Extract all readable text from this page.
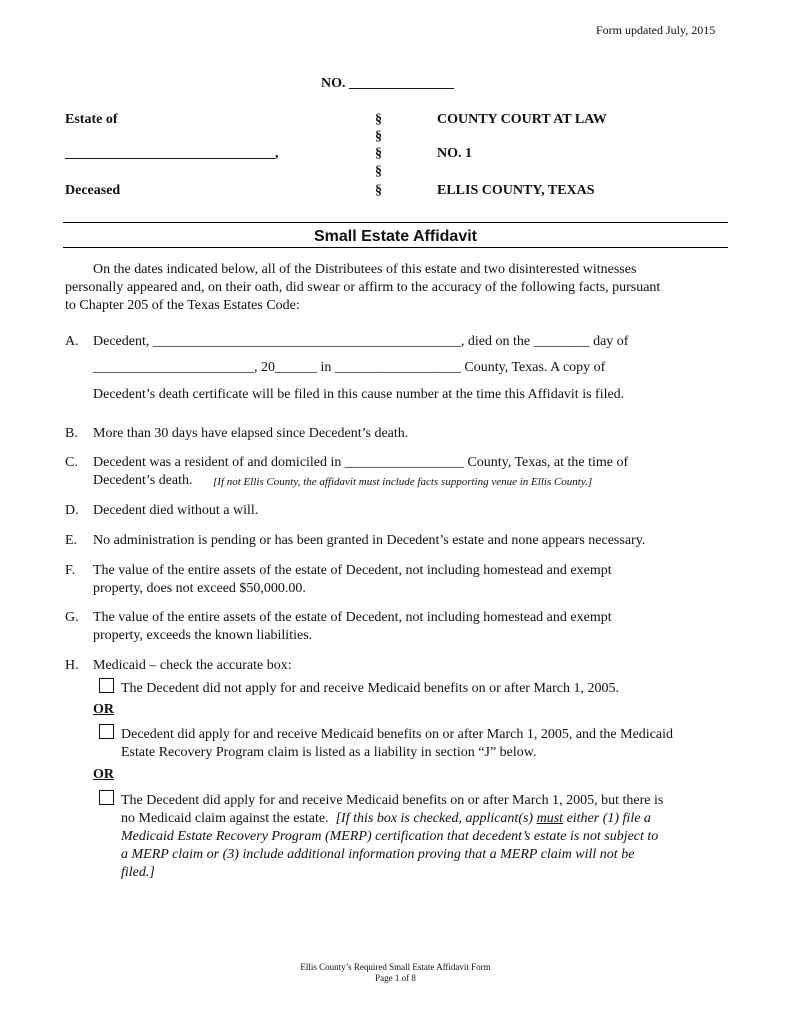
Form updated July, 2015
NO. _______________
Estate of
______________________________,
Deceased
§
§
§
§
§
COUNTY COURT AT LAW
NO. 1
ELLIS COUNTY, TEXAS
Small Estate Affidavit
On the dates indicated below, all of the Distributees of this estate and two disinterested witnesses
personally appeared and, on their oath, did swear or affirm to the accuracy of the following facts, pursuant
to Chapter 205 of the Texas Estates Code:
A. Decedent, ____________________________________________, died on the ________ day of
_______________________, 20______ in __________________ County, Texas. A copy of
Decedent’s death certificate will be filed in this cause number at the time this Affidavit is filed.
B. More than 30 days have elapsed since Decedent’s death.
C. Decedent was a resident of and domiciled in _________________ County, Texas, at the time of
Decedent’s death. [If not Ellis County, the affidavit must include facts supporting venue in Ellis County.]
D. Decedent died without a will.
E. No administration is pending or has been granted in Decedent’s estate and none appears necessary.
F. The value of the entire assets of the estate of Decedent, not including homestead and exempt
property, does not exceed $50,000.00.
G. The value of the entire assets of the estate of Decedent, not including homestead and exempt
property, exceeds the known liabilities.
H. Medicaid – check the accurate box:
The Decedent did not apply for and receive Medicaid benefits on or after March 1, 2005.
OR
Decedent did apply for and receive Medicaid benefits on or after March 1, 2005, and the Medicaid
Estate Recovery Program claim is listed as a liability in section “J” below.
OR
The Decedent did apply for and receive Medicaid benefits on or after March 1, 2005, but there is
no Medicaid claim against the estate. [If this box is checked, applicant(s) must either (1) file a
Medicaid Estate Recovery Program (MERP) certification that decedent’s estate is not subject to
a MERP claim or (3) include additional information proving that a MERP claim will not be
filed.]
Ellis County’s Required Small Estate Affidavit Form
Page 1 of 8
